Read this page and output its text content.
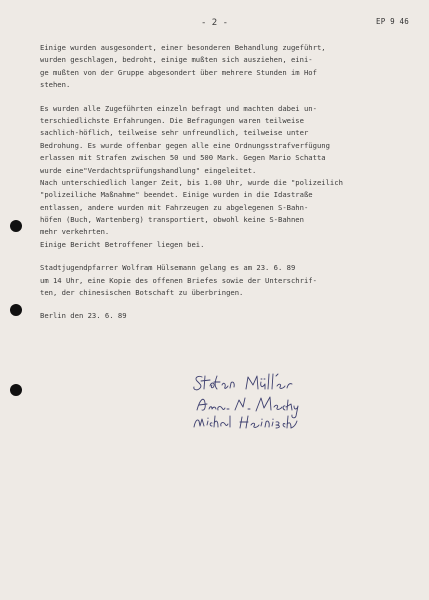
- 2 -	EP 9 46
Einige wurden ausgesondert, einer besonderen Behandlung zugeführt,
wurden geschlagen, bedroht, einige mußten sich ausziehen, eini-
ge mußten von der Gruppe abgesondert über mehrere Stunden im Hof
stehen.
Es wurden alle Zugeführten einzeln befragt und machten dabei un-
terschiedlichste Erfahrungen. Die Befragungen waren teilweise
sachlich-höflich, teilweise sehr unfreundlich, teilweise unter
Bedrohung. Es wurde offenbar gegen alle eine Ordnungsstrafverfügung
erlassen mit Strafen zwischen 50 und 500 Mark. Gegen Mario Schatta
wurde eine"Verdachtsprüfungshandlung" eingeleitet.
Nach unterschiedlich langer Zeit, bis 1.00 Uhr, wurde die "polizeilich
"polizeiliche Maßnahme" beendet. Einige wurden in die Idastraße
entlassen, andere wurden mit Fahrzeugen zu abgelegenen S-Bahn-
höfen (Buch, Wartenberg) transportiert, obwohl keine S-Bahnen
mehr verkehrten.
Einige Bericht Betroffener liegen bei.
Stadtjugendpfarrer Wolfram Hülsemann gelang es am 23. 6. 89
um 14 Uhr, eine Kopie des offenen Briefes sowie der Unterschrif-
ten, der chinesischen Botschaft zu überbringen.
Berlin den 23. 6. 89
